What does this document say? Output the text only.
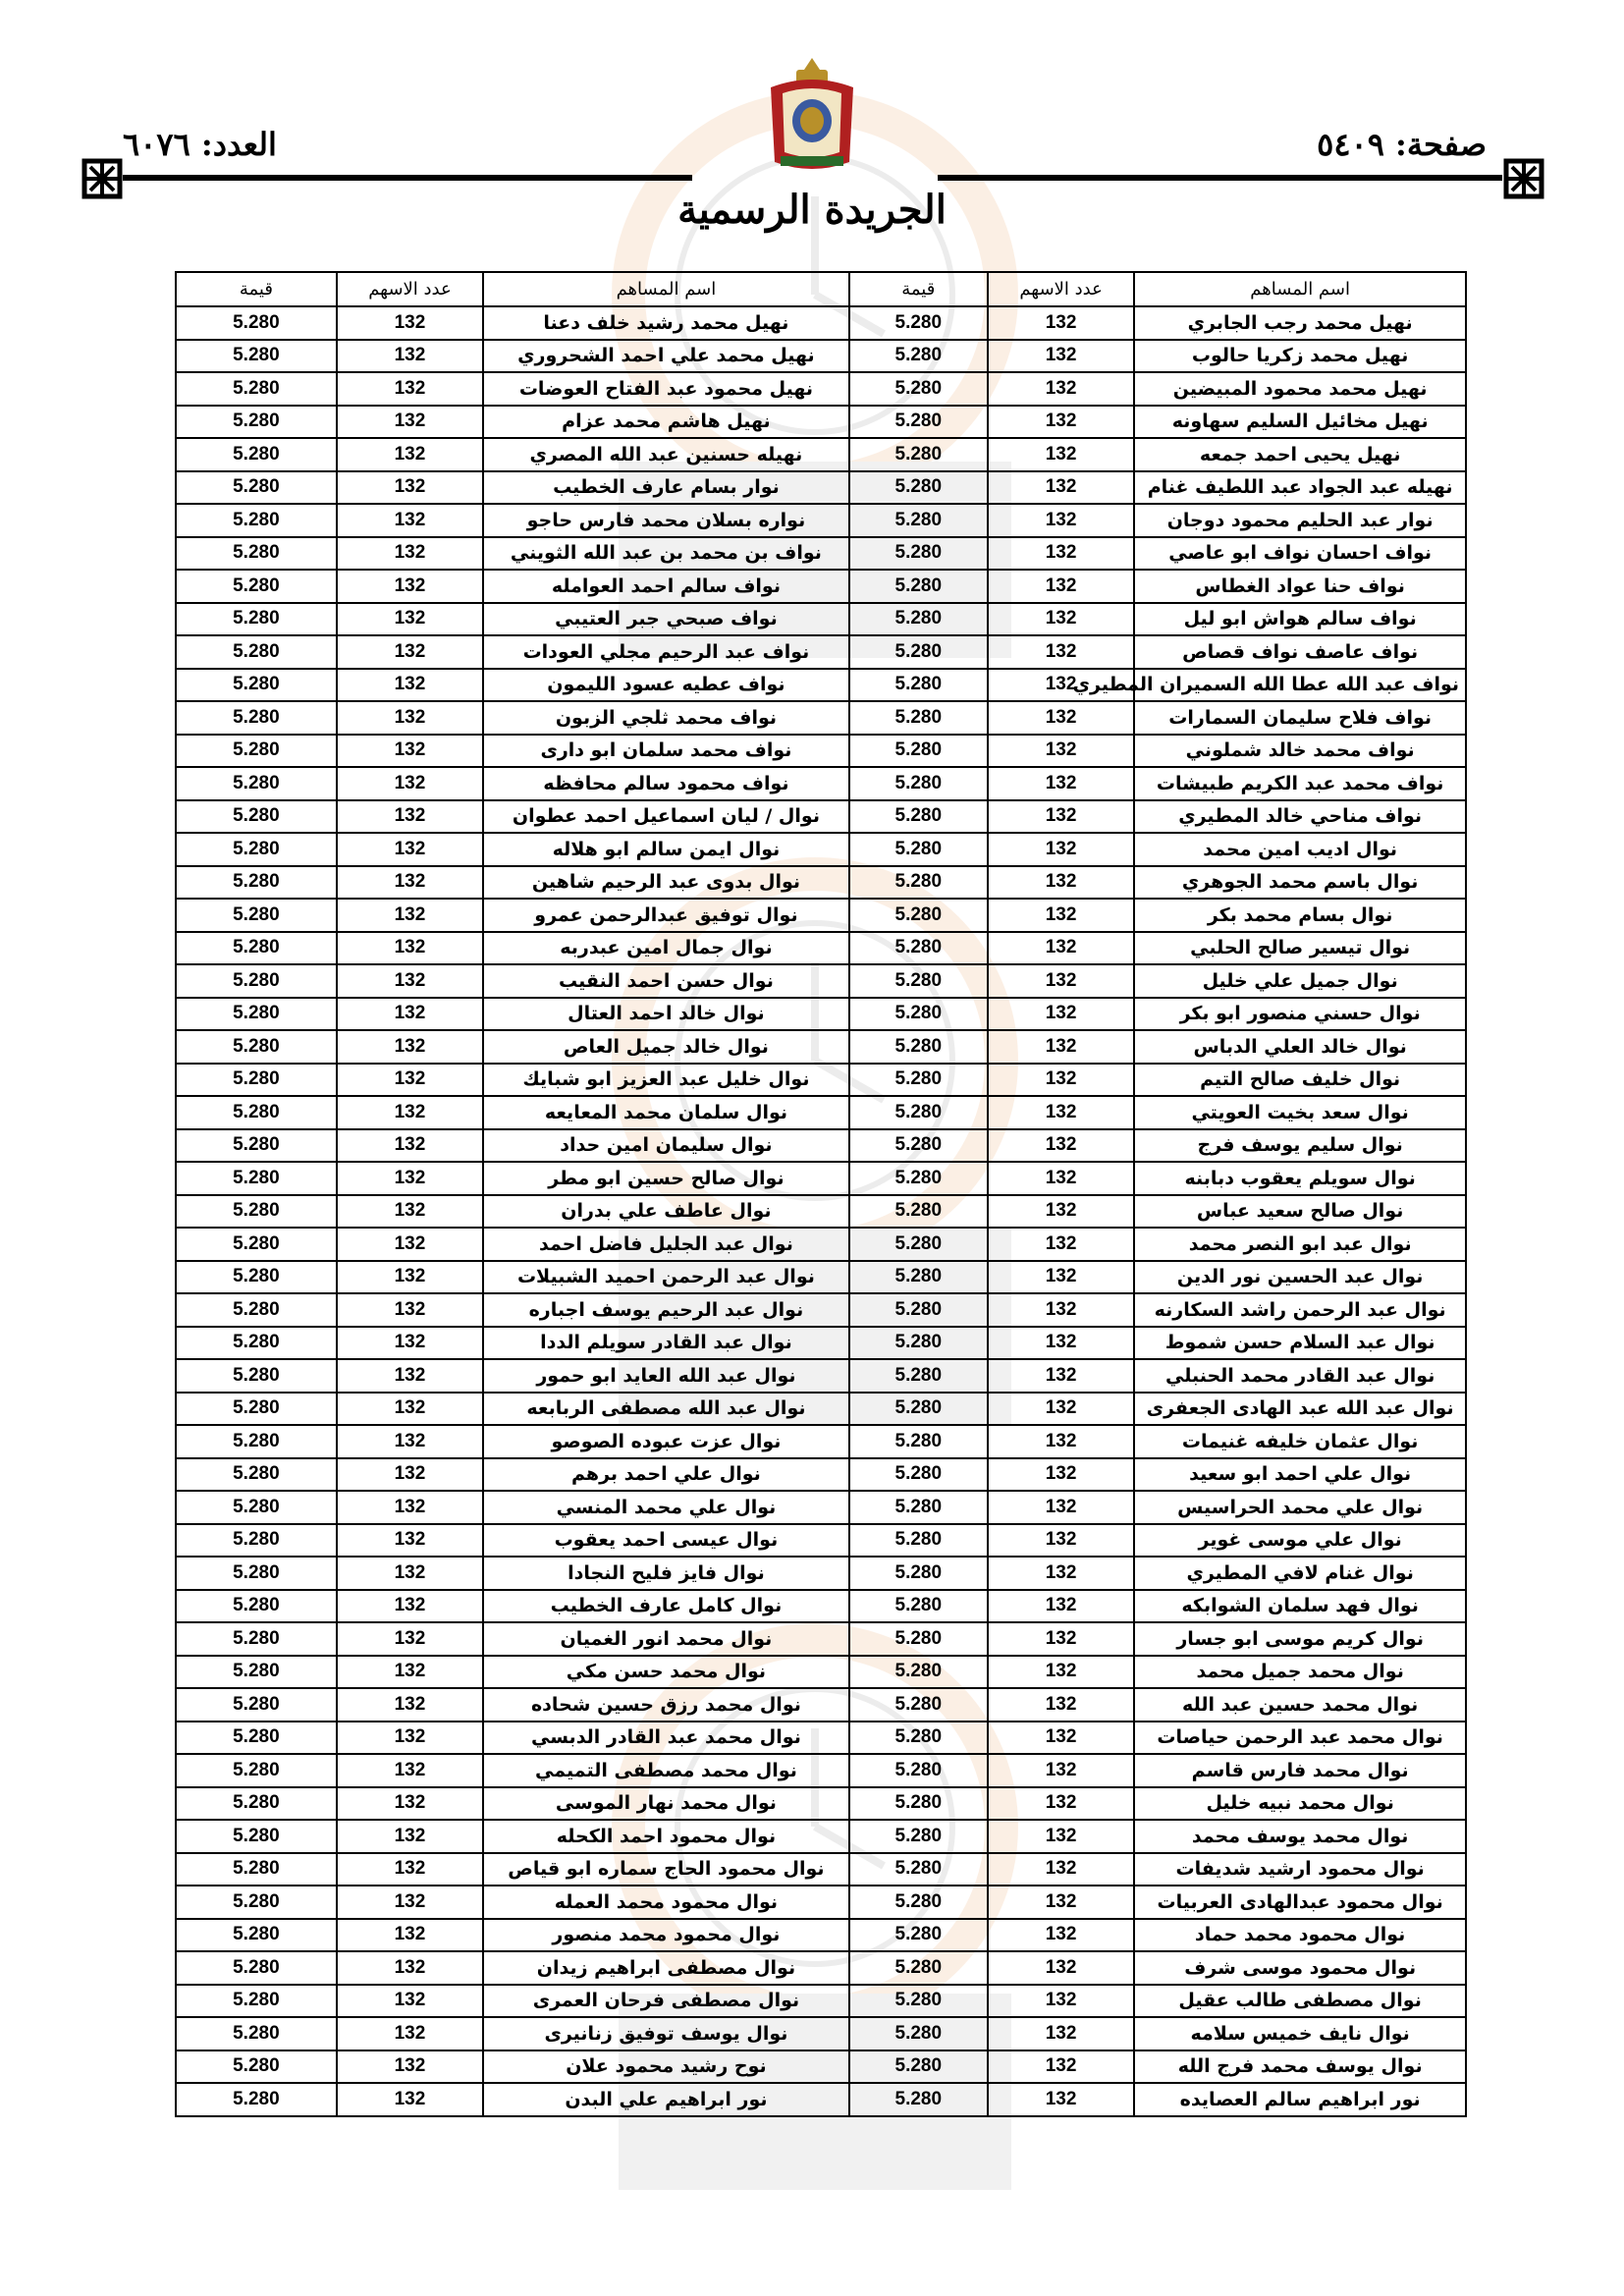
صفحة: ٥٤٠٩
العدد: ٦٠٧٦
الجريدة الرسمية
اسم المساهم	عدد الاسهم	قيمة		اسم المساهم	عدد الاسهم	قيمة
نهيل محمد رجب الجابري	132	5.280		نهيل محمد رشيد خلف دعنا	132	5.280
نهيل محمد زكريا حالوب	132	5.280		نهيل محمد علي احمد الشحروري	132	5.280
نهيل محمد محمود المبيضين	132	5.280		نهيل محمود عبد الفتاح العوضات	132	5.280
نهيل مخائيل السليم سهاونه	132	5.280		نهيل هاشم محمد عزام	132	5.280
نهيل يحيى احمد جمعه	132	5.280		نهيله حسنين عبد الله المصري	132	5.280
نهيله عبد الجواد عبد اللطيف غنام	132	5.280		نوار بسام عارف الخطيب	132	5.280
نوار عبد الحليم محمود دوجان	132	5.280		نواره بسلان محمد فارس حاجو	132	5.280
نواف احسان نواف ابو عاصي	132	5.280		نواف بن محمد بن عبد الله الثويني	132	5.280
نواف حنا عواد الغطاس	132	5.280		نواف سالم احمد العوامله	132	5.280
نواف سالم هواش ابو ليل	132	5.280		نواف صبحي جبر العتيبي	132	5.280
نواف عاصف نواف قصاص	132	5.280		نواف عبد الرحيم مجلي العودات	132	5.280
نواف عبد الله عطا الله السميران المطيري	132	5.280		نواف عطيه عسود الليمون	132	5.280
نواف فلاح سليمان السمارات	132	5.280		نواف محمد ثلجي الزبون	132	5.280
نواف محمد خالد شملوني	132	5.280		نواف محمد سلمان ابو دارى	132	5.280
نواف محمد عبد الكريم طبيشات	132	5.280		نواف محمود سالم محافظه	132	5.280
نواف مناحي خالد المطيري	132	5.280		نوال / ليان اسماعيل احمد عطوان	132	5.280
نوال اديب امين محمد	132	5.280		نوال ايمن سالم ابو هلاله	132	5.280
نوال باسم محمد الجوهري	132	5.280		نوال بدوى عبد الرحيم شاهين	132	5.280
نوال بسام محمد بكر	132	5.280		نوال توفيق عبدالرحمن عمرو	132	5.280
نوال تيسير صالح الحلبي	132	5.280		نوال جمال امين عبدربه	132	5.280
نوال جميل علي خليل	132	5.280		نوال حسن احمد النقيب	132	5.280
نوال حسني منصور ابو بكر	132	5.280		نوال خالد احمد العتال	132	5.280
نوال خالد العلي الدباس	132	5.280		نوال خالد جميل العاص	132	5.280
نوال خليف صالح التيم	132	5.280		نوال خليل عبد العزيز ابو شبايك	132	5.280
نوال سعد بخيت العويتي	132	5.280		نوال سلمان محمد المعايعه	132	5.280
نوال سليم يوسف فرج	132	5.280		نوال سليمان امين حداد	132	5.280
نوال سويلم يعقوب دبابنه	132	5.280		نوال صالح حسين ابو مطر	132	5.280
نوال صالح سعيد عباس	132	5.280		نوال عاطف علي بدران	132	5.280
نوال عبد ابو النصر محمد	132	5.280		نوال عبد الجليل فاضل احمد	132	5.280
نوال عبد الحسين نور الدين	132	5.280		نوال عبد الرحمن احميد الشبيلات	132	5.280
نوال عبد الرحمن راشد السكارنه	132	5.280		نوال عبد الرحيم يوسف اجباره	132	5.280
نوال عبد السلام حسن شموط	132	5.280		نوال عبد القادر سويلم الددا	132	5.280
نوال عبد القادر محمد الحنبلي	132	5.280		نوال عبد الله العايد ابو حمور	132	5.280
نوال عبد الله عبد الهادى الجعفرى	132	5.280		نوال عبد الله مصطفى الربابعه	132	5.280
نوال عثمان خليفه غنيمات	132	5.280		نوال عزت عبوده الصوصو	132	5.280
نوال علي احمد ابو سعيد	132	5.280		نوال علي احمد برهم	132	5.280
نوال علي محمد الحراسيس	132	5.280		نوال علي محمد المنسي	132	5.280
نوال علي موسى غوير	132	5.280		نوال عيسى احمد يعقوب	132	5.280
نوال غنام لافي المطيري	132	5.280		نوال فايز فليح النجادا	132	5.280
نوال فهد سلمان الشوابكه	132	5.280		نوال كامل عارف الخطيب	132	5.280
نوال كريم موسى ابو جسار	132	5.280		نوال محمد انور الغميان	132	5.280
نوال محمد جميل محمد	132	5.280		نوال محمد حسن مكي	132	5.280
نوال محمد حسين عبد الله	132	5.280		نوال محمد رزق حسين شحاده	132	5.280
نوال محمد عبد الرحمن حياصات	132	5.280		نوال محمد عبد القادر الدبسي	132	5.280
نوال محمد فارس قاسم	132	5.280		نوال محمد مصطفى التميمي	132	5.280
نوال محمد نبيه خليل	132	5.280		نوال محمد نهار الموسى	132	5.280
نوال محمد يوسف محمد	132	5.280		نوال محمود احمد الكحله	132	5.280
نوال محمود ارشيد شديفات	132	5.280		نوال محمود الحاج سماره ابو قياص	132	5.280
نوال محمود عبدالهادى العربيات	132	5.280		نوال محمود محمد العمله	132	5.280
نوال محمود محمد حماد	132	5.280		نوال محمود محمد منصور	132	5.280
نوال محمود موسى شرف	132	5.280		نوال مصطفى ابراهيم زيدان	132	5.280
نوال مصطفى طالب عقيل	132	5.280		نوال مصطفى فرحان العمرى	132	5.280
نوال نايف خميس سلامه	132	5.280		نوال يوسف توفيق زنانيرى	132	5.280
نوال يوسف محمد فرج الله	132	5.280		نوح رشيد محمود علان	132	5.280
نور ابراهيم سالم العصايده	132	5.280		نور ابراهيم علي البدن	132	5.280
